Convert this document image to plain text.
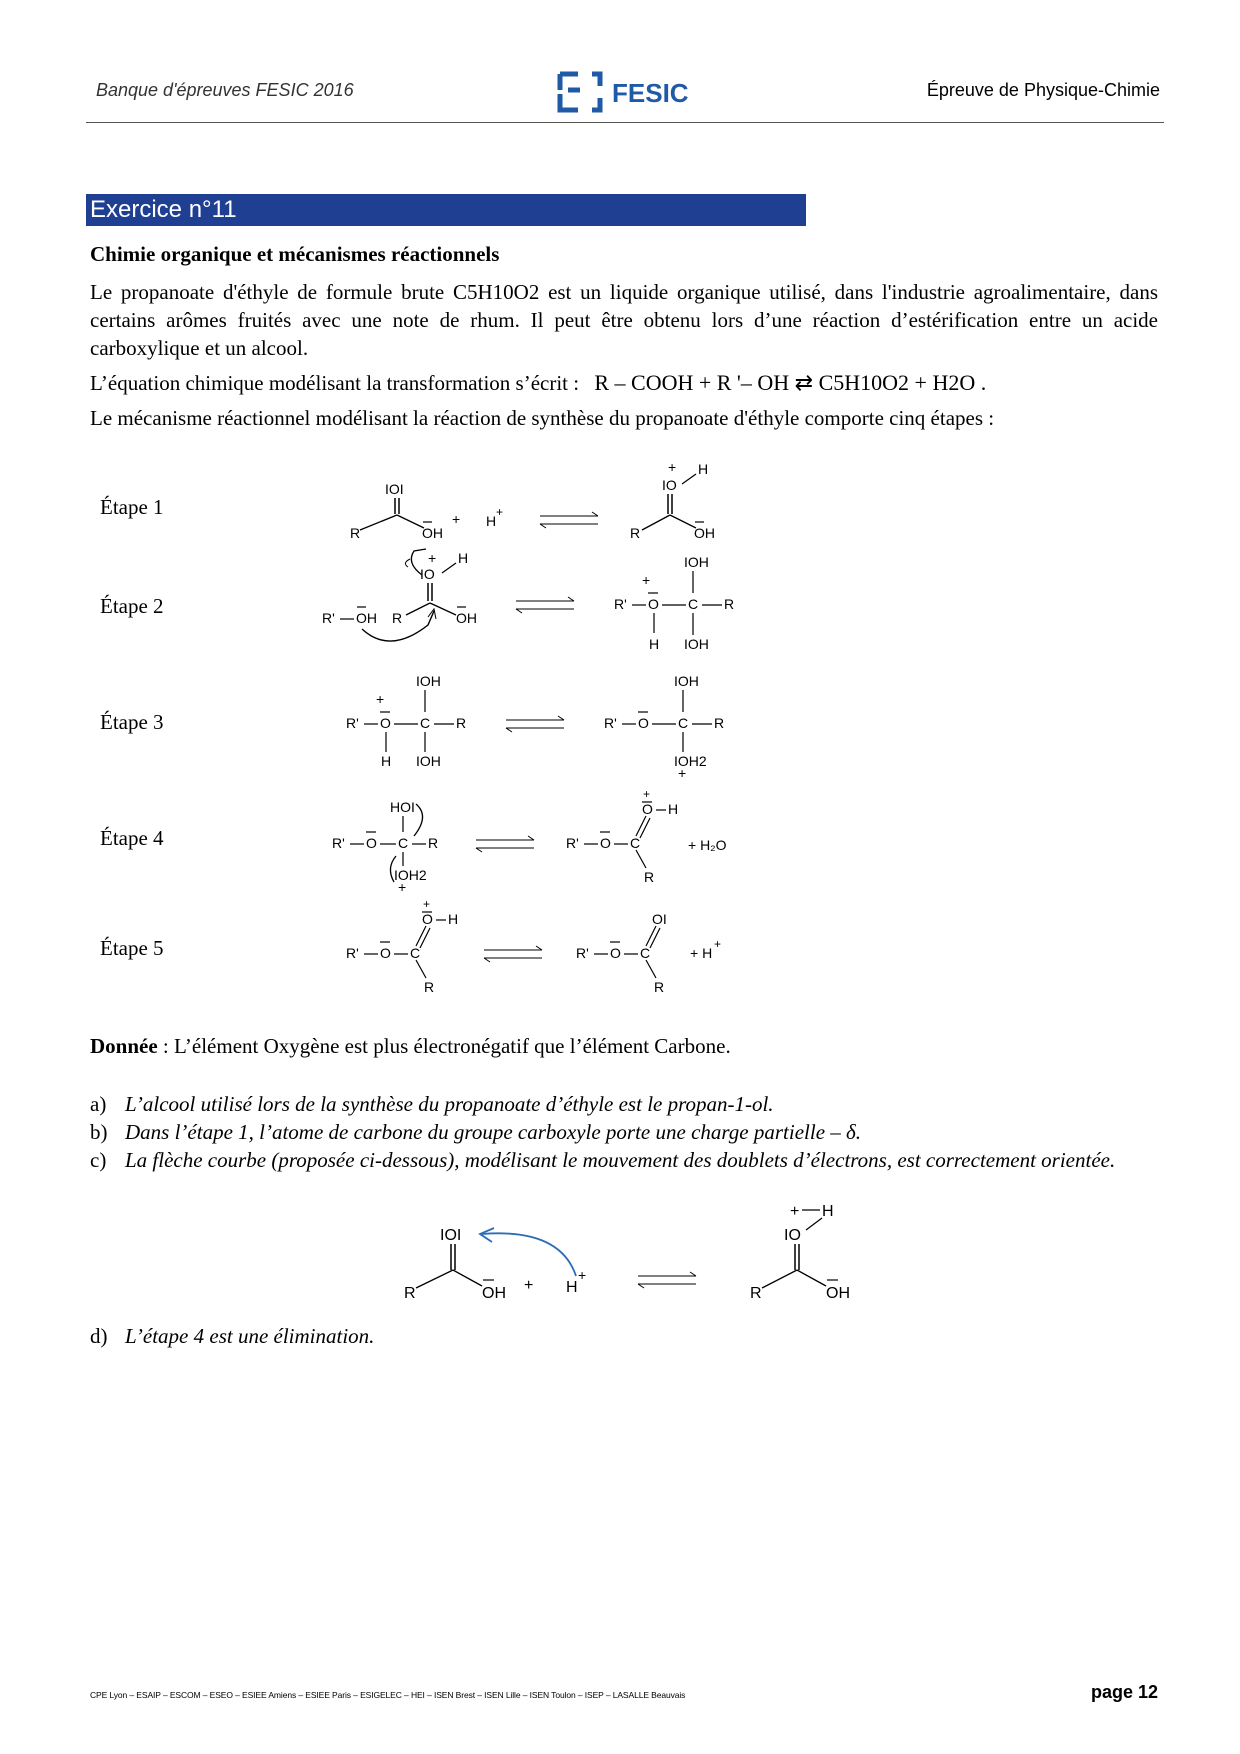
Banque d'épreuves FESIC 2016	FESIC	Épreuve de Physique-Chimie
Exercice n°11
Chimie organique et mécanismes réactionnels

Le propanoate d'éthyle de formule brute C5H10O2 est un liquide organique utilisé, dans l'industrie agroalimentaire, dans certains arômes fruités avec une note de rhum. Il peut être obtenu lors d’une réaction d’estérification entre un acide carboxylique et un alcool.

L’équation chimique modélisant la transformation s’écrit : R – COOH + R '– OH ⇄ C5H10O2 + H2O .

Le mécanisme réactionnel modélisant la réaction de synthèse du propanoate d'éthyle comporte cinq étapes :

Étape 1
Étape 2
Étape 3
Étape 4
Étape 5
IOI
R	OH
+ H
+
+
IO
H
R	OH
R' OH R	OH
IO
+ H
R' O
+
C R
IOH
IOH
H
R' O
+
C R
IOH
IOH
H
R' O C R
IOH
IOH2
+
R' O C R
HOI
IOH2
+
R' O C
O
+
H
R
+ H₂O
R' O C
O
+
H
R
R' O C
OI
R
+ H
+
Donnée : L’élément Oxygène est plus électronégatif que l’élément Carbone.
a) L’alcool utilisé lors de la synthèse du propanoate d’éthyle est le propan-1-ol.
b) Dans l’étape 1, l’atome de carbone du groupe carboxyle porte une charge partielle – δ.
c) La flèche courbe (proposée ci-dessous), modélisant le mouvement des doublets d’électrons, est correctement orientée.
IOI
R	OH + H
+
+ H
IO
R	OH
d) L’étape 4 est une élimination.
CPE Lyon – ESAIP – ESCOM – ESEO – ESIEE Amiens – ESIEE Paris – ESIGELEC – HEI – ISEN Brest – ISEN Lille – ISEN Toulon – ISEP – LASALLE Beauvais	page 12
